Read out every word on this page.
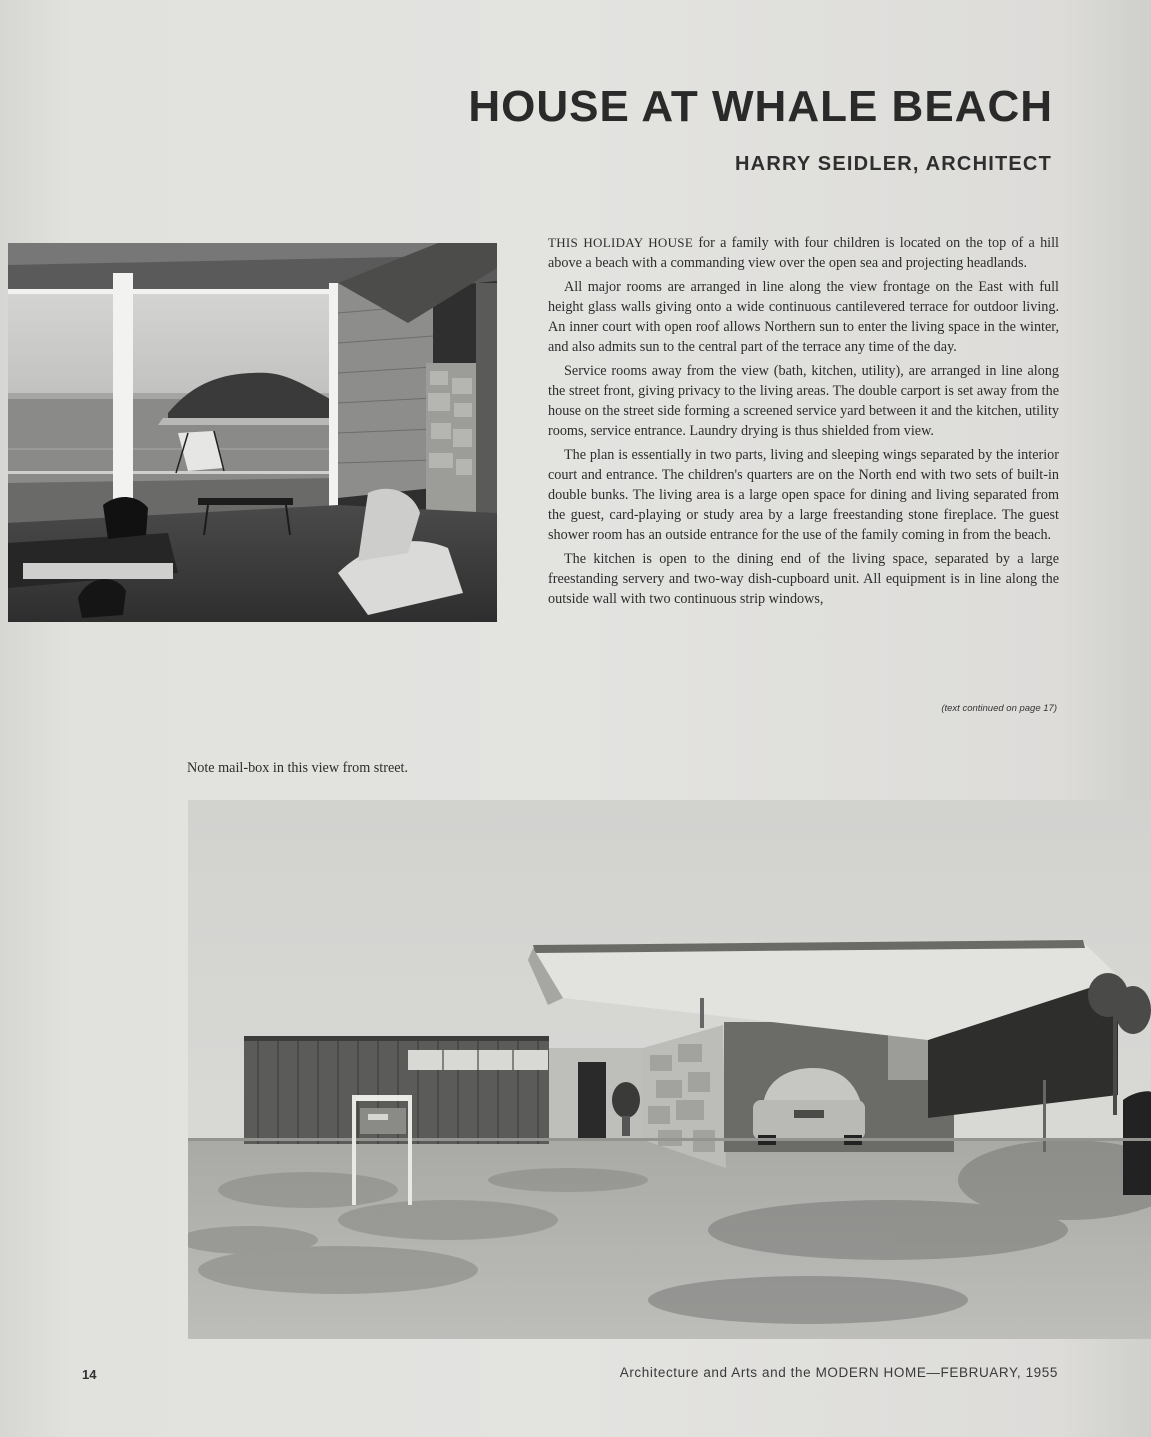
HOUSE AT WHALE BEACH
HARRY SEIDLER, ARCHITECT

THIS HOLIDAY HOUSE for a family with four children is located on the top of a hill above a beach with a commanding view over the open sea and projecting headlands.

All major rooms are arranged in line along the view frontage on the East with full height glass walls giving onto a wide continuous cantilevered terrace for outdoor living. An inner court with open roof allows Northern sun to enter the living space in the winter, and also admits sun to the central part of the terrace any time of the day.

Service rooms away from the view (bath, kitchen, utility), are arranged in line along the street front, giving privacy to the living areas. The double carport is set away from the house on the street side forming a screened service yard between it and the kitchen, utility rooms, service entrance. Laundry drying is thus shielded from view.

The plan is essentially in two parts, living and sleeping wings separated by the interior court and entrance. The children's quarters are on the North end with two sets of built-in double bunks. The living area is a large open space for dining and living separated from the guest, card-playing or study area by a large freestanding stone fireplace. The guest shower room has an outside entrance for the use of the family coming in from the beach.

The kitchen is open to the dining end of the living space, separated by a large freestanding servery and two-way dish-cupboard unit. All equipment is in line along the outside wall with two continuous strip windows,

(text continued on page 17)
Note mail-box in this view from street.
14	Architecture and Arts and the MODERN HOME—FEBRUARY, 1955
